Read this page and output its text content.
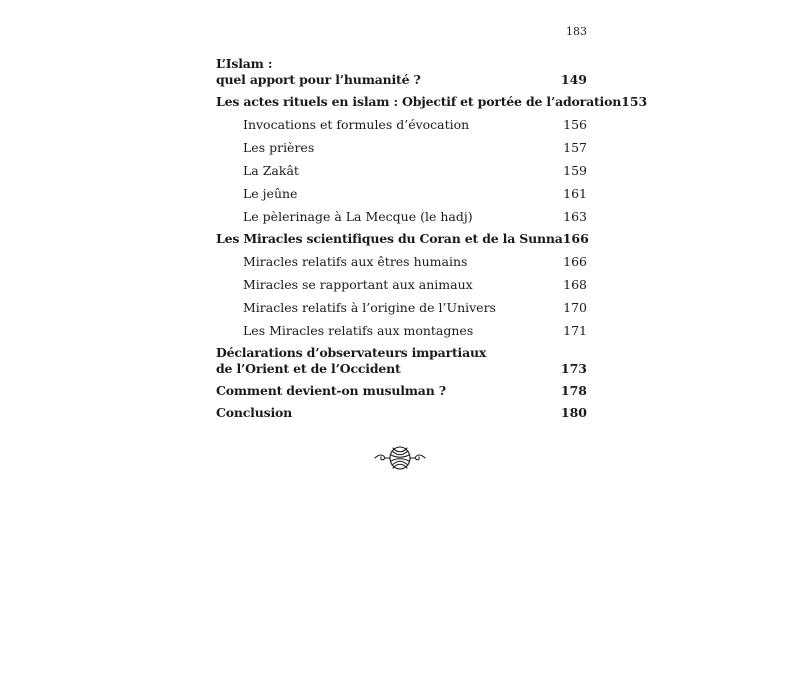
183
L’Islam :
quel apport pour l’humanité ?	149
Les actes rituels en islam : Objectif et portée de l’adoration 153
Invocations et formules d’évocation	156
Les prières	157
La Zakât	159
Le jeûne	161
Le pèlerinage à La Mecque (le hadj)	163
Les Miracles scientifiques du Coran et de la Sunna 166
Miracles relatifs aux êtres humains	166
Miracles se rapportant aux animaux	168
Miracles relatifs à l’origine de l’Univers	170
Les Miracles relatifs aux montagnes	171
Déclarations d’observateurs impartiaux
de l’Orient et de l’Occident	173
Comment devient-on musulman ?	178
Conclusion	180
